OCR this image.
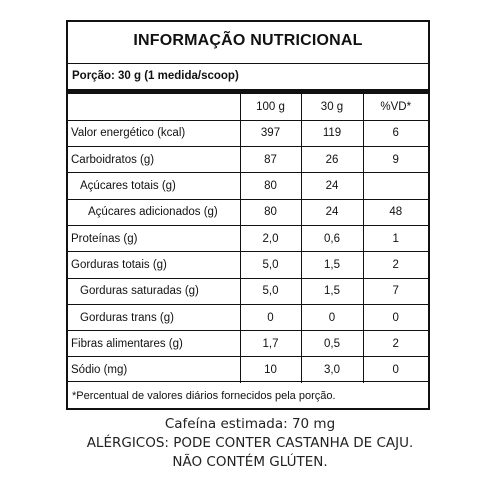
INFORMAÇÃO NUTRICIONAL
Porção: 30 g (1 medida/scoop)
	100 g	30 g	%VD*
Valor energético (kcal)	397	119	6
Carboidratos (g)	87	26	9
Açúcares totais (g)	80	24	
Açúcares adicionados (g)	80	24	48
Proteínas (g)	2,0	0,6	1
Gorduras totais (g)	5,0	1,5	2
Gorduras saturadas (g)	5,0	1,5	7
Gorduras trans (g)	0	0	0
Fibras alimentares (g)	1,7	0,5	2
Sódio (mg)	10	3,0	0
*Percentual de valores diários fornecidos pela porção.
Cafeína estimada: 70 mg
ALÉRGICOS: PODE CONTER CASTANHA DE CAJU.
NÃO CONTÉM GLÚTEN.
